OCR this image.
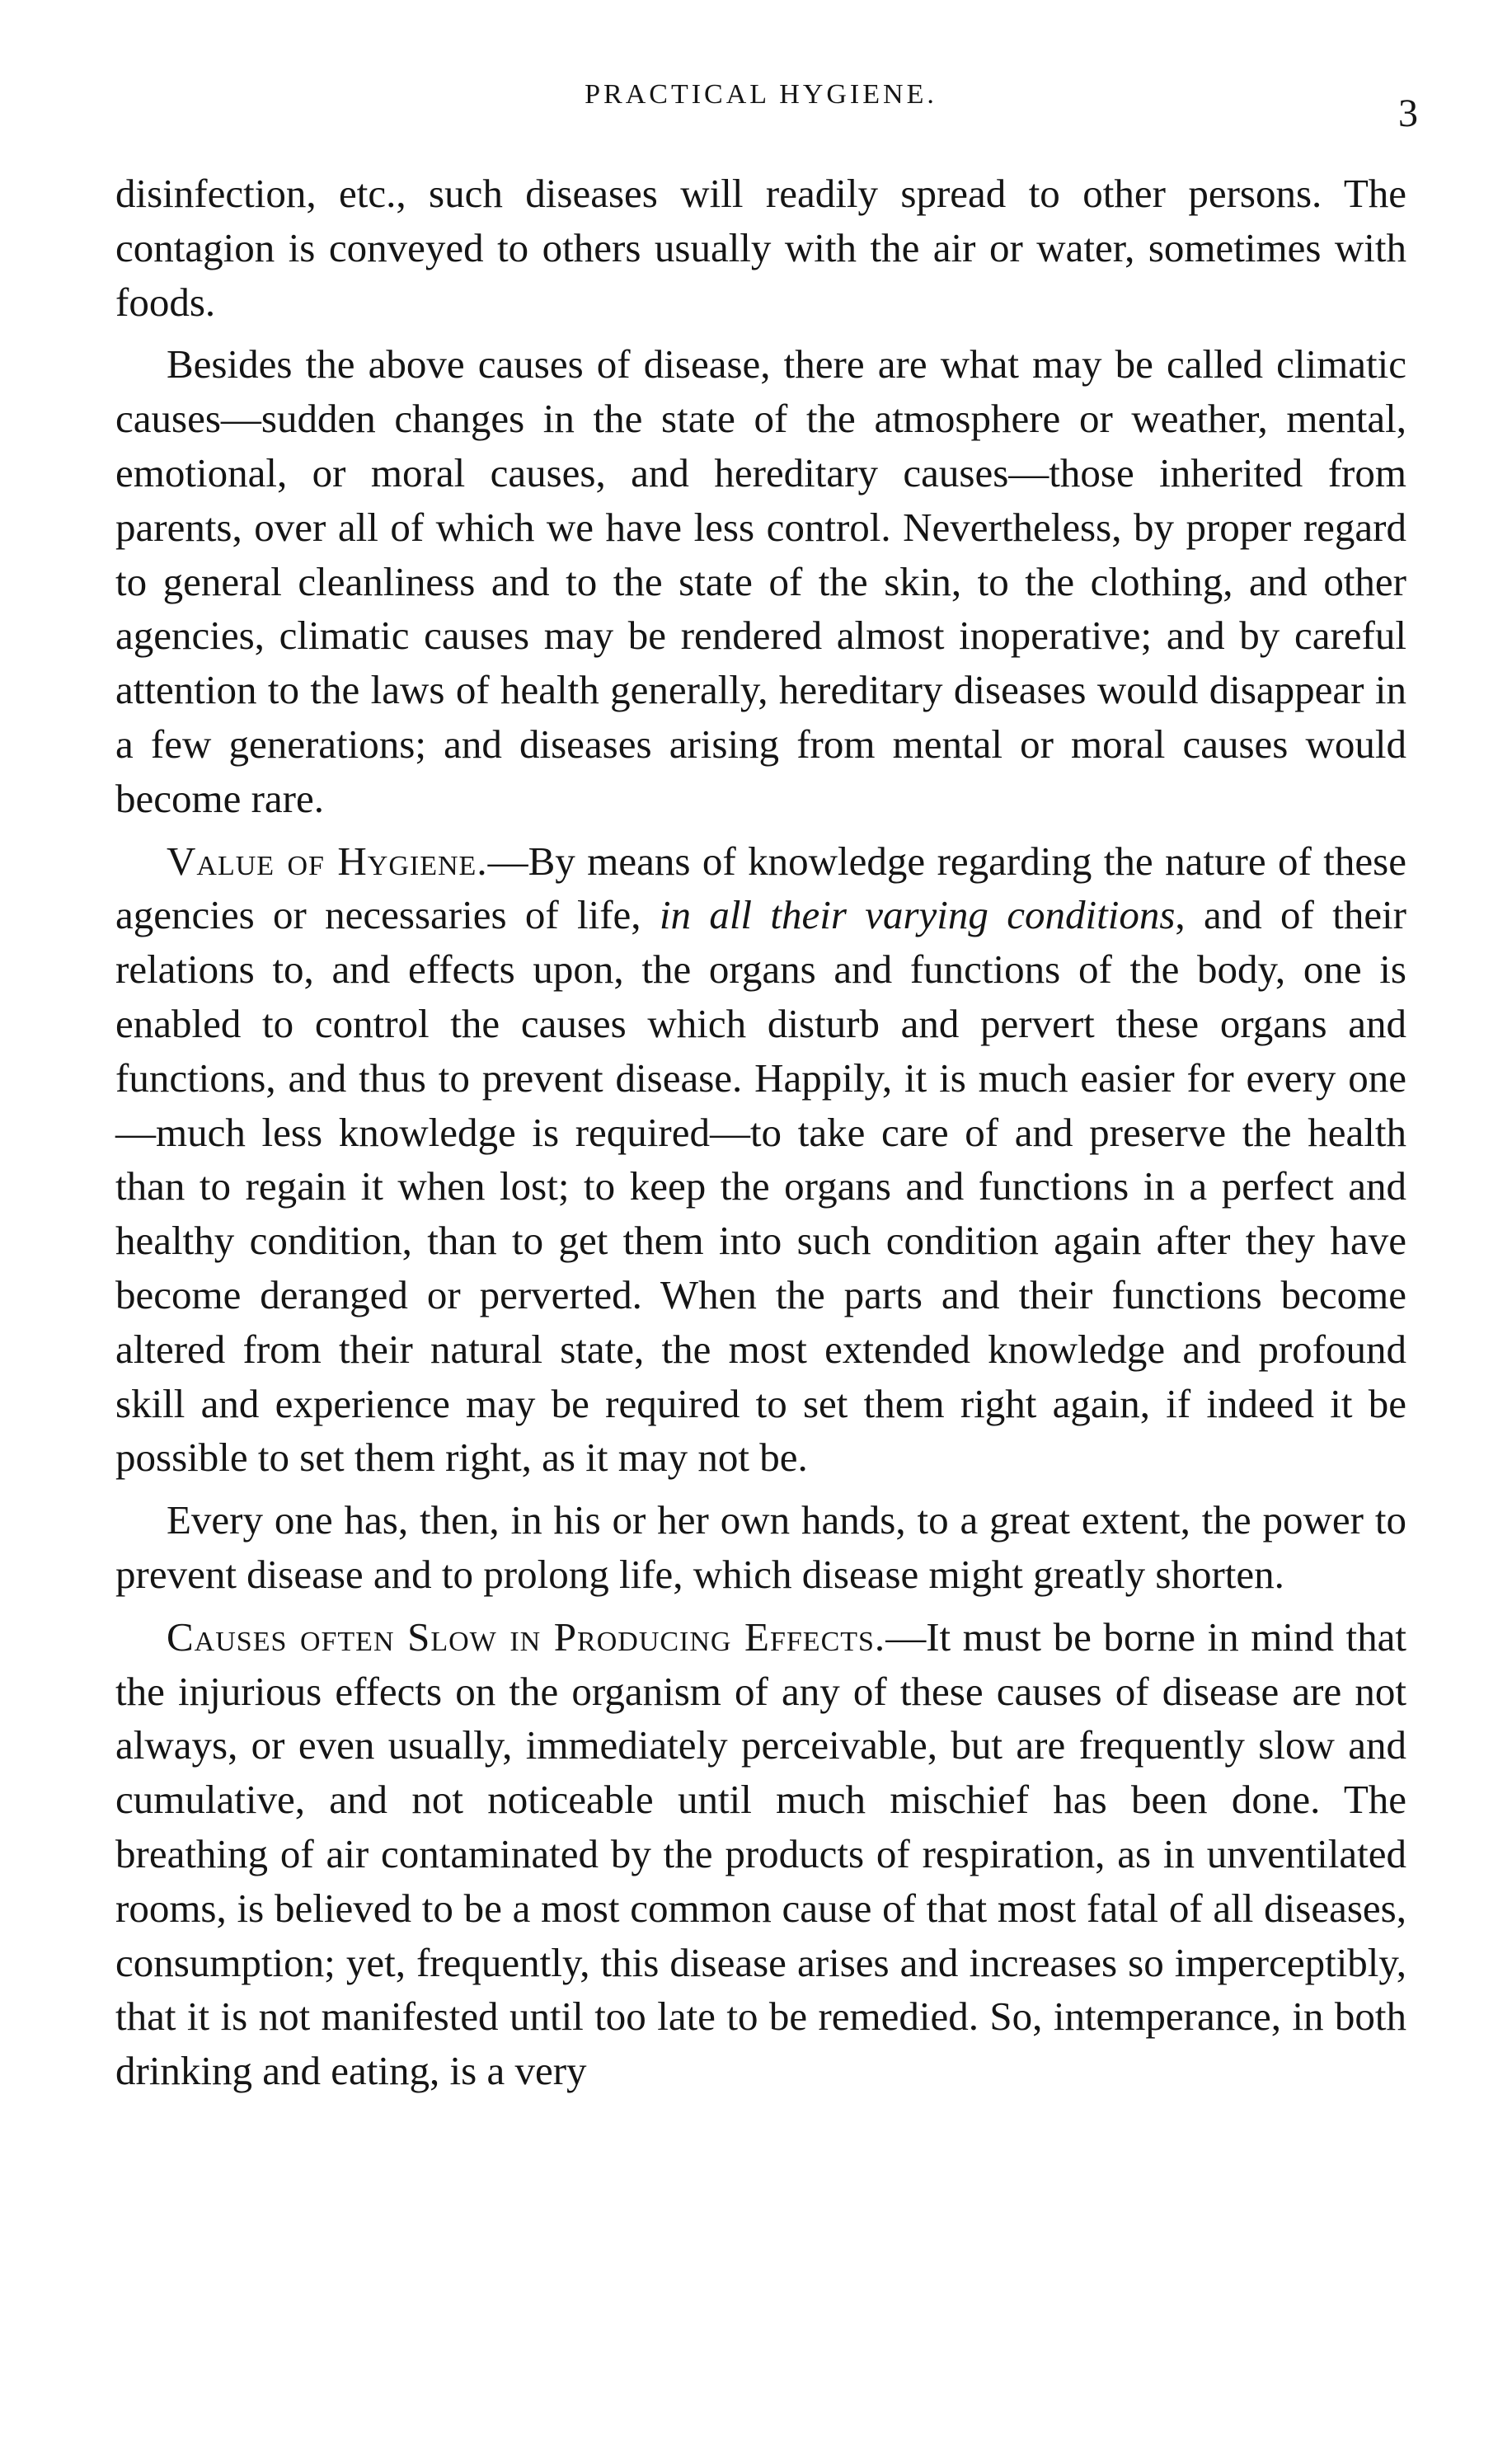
PRACTICAL HYGIENE.	3

disinfection, etc., such diseases will readily spread to other persons. The contagion is conveyed to others usually with the air or water, sometimes with foods.

Besides the above causes of disease, there are what may be called climatic causes—sudden changes in the state of the atmosphere or weather, mental, emotional, or moral causes, and hereditary causes—those inherited from parents, over all of which we have less control. Nevertheless, by proper regard to general cleanliness and to the state of the skin, to the clothing, and other agencies, climatic causes may be rendered almost inoperative; and by careful attention to the laws of health generally, hereditary diseases would disappear in a few generations; and diseases arising from mental or moral causes would become rare.

Value of Hygiene.—By means of knowledge regarding the nature of these agencies or necessaries of life, in all their varying conditions, and of their relations to, and effects upon, the organs and functions of the body, one is enabled to control the causes which disturb and pervert these organs and functions, and thus to prevent disease. Happily, it is much easier for every one—much less knowledge is required—to take care of and preserve the health than to regain it when lost; to keep the organs and functions in a perfect and healthy condition, than to get them into such condition again after they have become deranged or perverted. When the parts and their functions become altered from their natural state, the most extended knowledge and profound skill and experience may be required to set them right again, if indeed it be possible to set them right, as it may not be.

Every one has, then, in his or her own hands, to a great extent, the power to prevent disease and to prolong life, which disease might greatly shorten.

Causes often Slow in Producing Effects.—It must be borne in mind that the injurious effects on the organism of any of these causes of disease are not always, or even usually, immediately perceivable, but are frequently slow and cumulative, and not noticeable until much mischief has been done. The breathing of air contaminated by the products of respiration, as in unventilated rooms, is believed to be a most common cause of that most fatal of all diseases, consumption; yet, frequently, this disease arises and increases so imperceptibly, that it is not manifested until too late to be remedied. So, intemperance, in both drinking and eating, is a very
